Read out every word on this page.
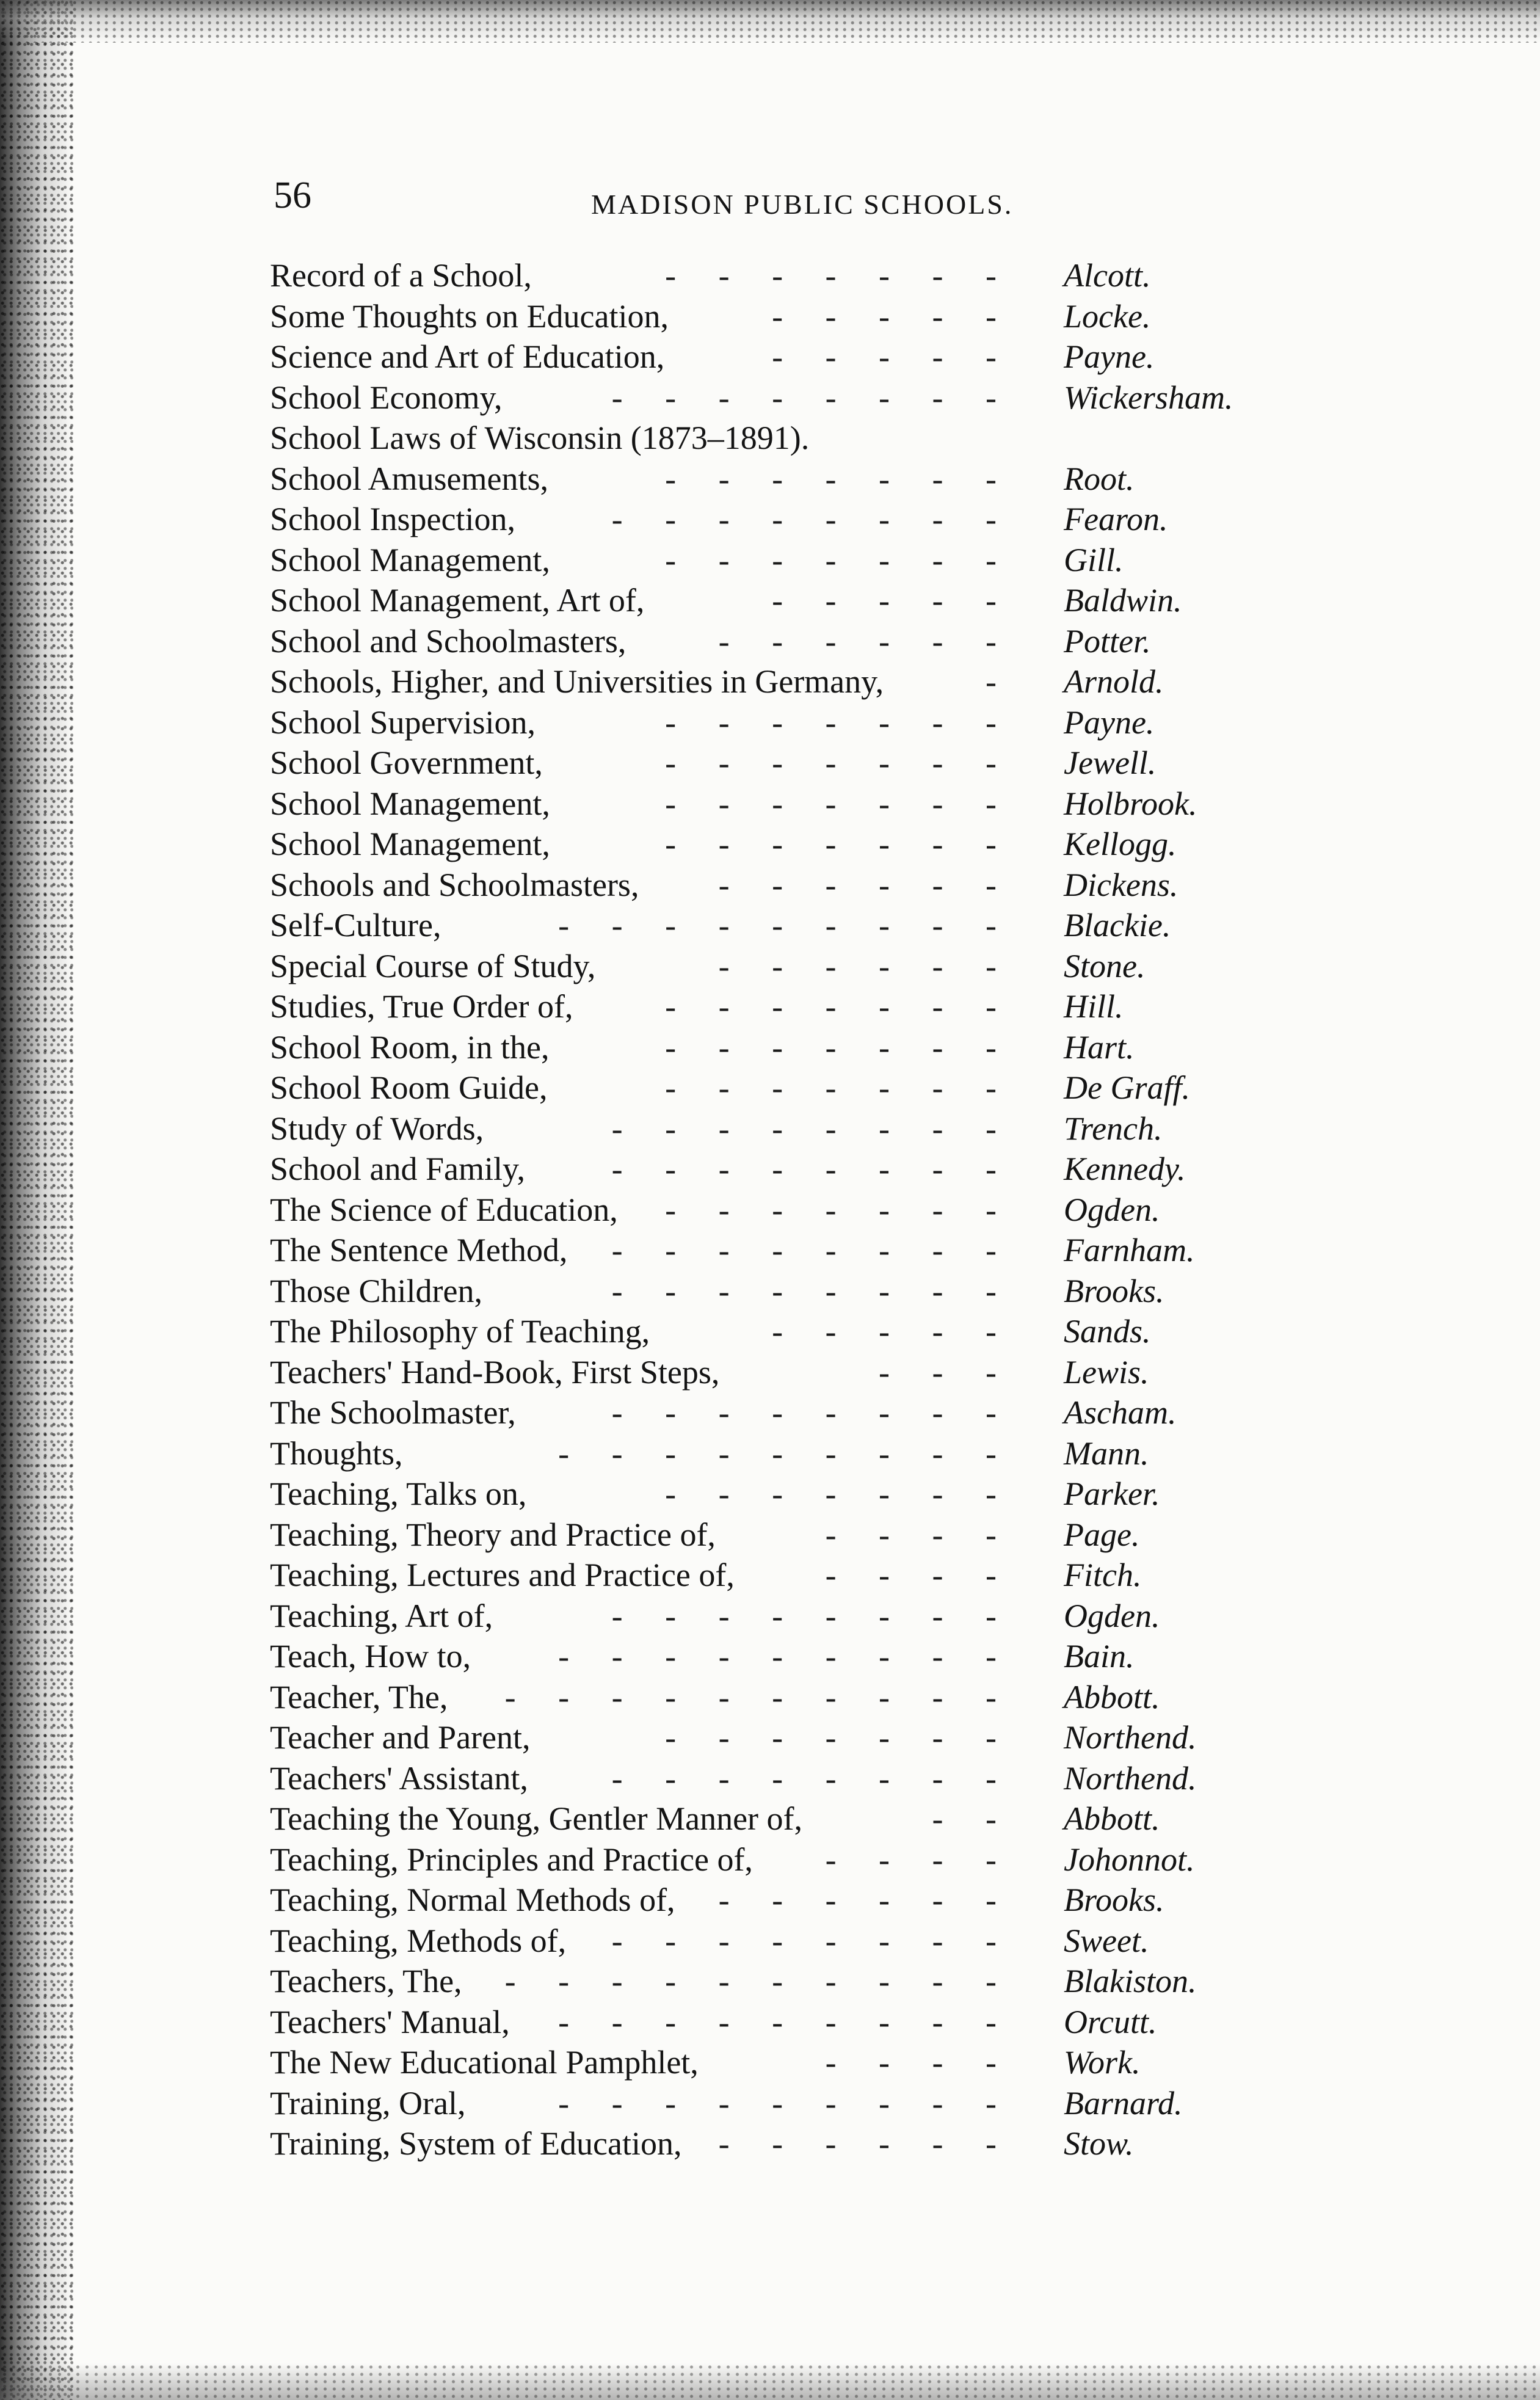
56	MADISON PUBLIC SCHOOLS.
Record of a School,	- - - - - - - Alcott.
Some Thoughts on Education,	- - - - - Locke.
Science and Art of Education,	- - - - - Payne.
School Economy,	- - - - - - - - Wickersham.
School Laws of Wisconsin (1873–1891).
School Amusements,	- - - - - - - Root.
School Inspection,	- - - - - - - - Fearon.
School Management,	- - - - - - - Gill.
School Management, Art of,	- - - - - Baldwin.
School and Schoolmasters,	- - - - - - Potter.
Schools, Higher, and Universities in Germany,	- Arnold.
School Supervision,	- - - - - - - Payne.
School Government,	- - - - - - - Jewell.
School Management,	- - - - - - - Holbrook.
School Management,	- - - - - - - Kellogg.
Schools and Schoolmasters,	- - - - - - Dickens.
Self-Culture,	- - - - - - - - - Blackie.
Special Course of Study,	- - - - - - Stone.
Studies, True Order of,	- - - - - - - Hill.
School Room, in the,	- - - - - - - Hart.
School Room Guide,	- - - - - - - De Graff.
Study of Words,	- - - - - - - - Trench.
School and Family,	- - - - - - - - Kennedy.
The Science of Education,	- - - - - - - Ogden.
The Sentence Method,	- - - - - - - - Farnham.
Those Children,	- - - - - - - - Brooks.
The Philosophy of Teaching,	- - - - - Sands.
Teachers' Hand-Book, First Steps,	- - - Lewis.
The Schoolmaster,	- - - - - - - - Ascham.
Thoughts,	- - - - - - - - - Mann.
Teaching, Talks on,	- - - - - - - Parker.
Teaching, Theory and Practice of,	- - - - Page.
Teaching, Lectures and Practice of,	- - - - Fitch.
Teaching, Art of,	- - - - - - - - Ogden.
Teach, How to,	- - - - - - - - - Bain.
Teacher, The,	- - - - - - - - - - Abbott.
Teacher and Parent,	- - - - - - - Northend.
Teachers' Assistant,	- - - - - - - - Northend.
Teaching the Young, Gentler Manner of,	- - Abbott.
Teaching, Principles and Practice of,	- - - - Johonnot.
Teaching, Normal Methods of,	- - - - - - Brooks.
Teaching, Methods of,	- - - - - - - - Sweet.
Teachers, The,	- - - - - - - - - - Blakiston.
Teachers' Manual,	- - - - - - - - - Orcutt.
The New Educational Pamphlet,	- - - - Work.
Training, Oral,	- - - - - - - - - Barnard.
Training, System of Education,	- - - - - - Stow.
